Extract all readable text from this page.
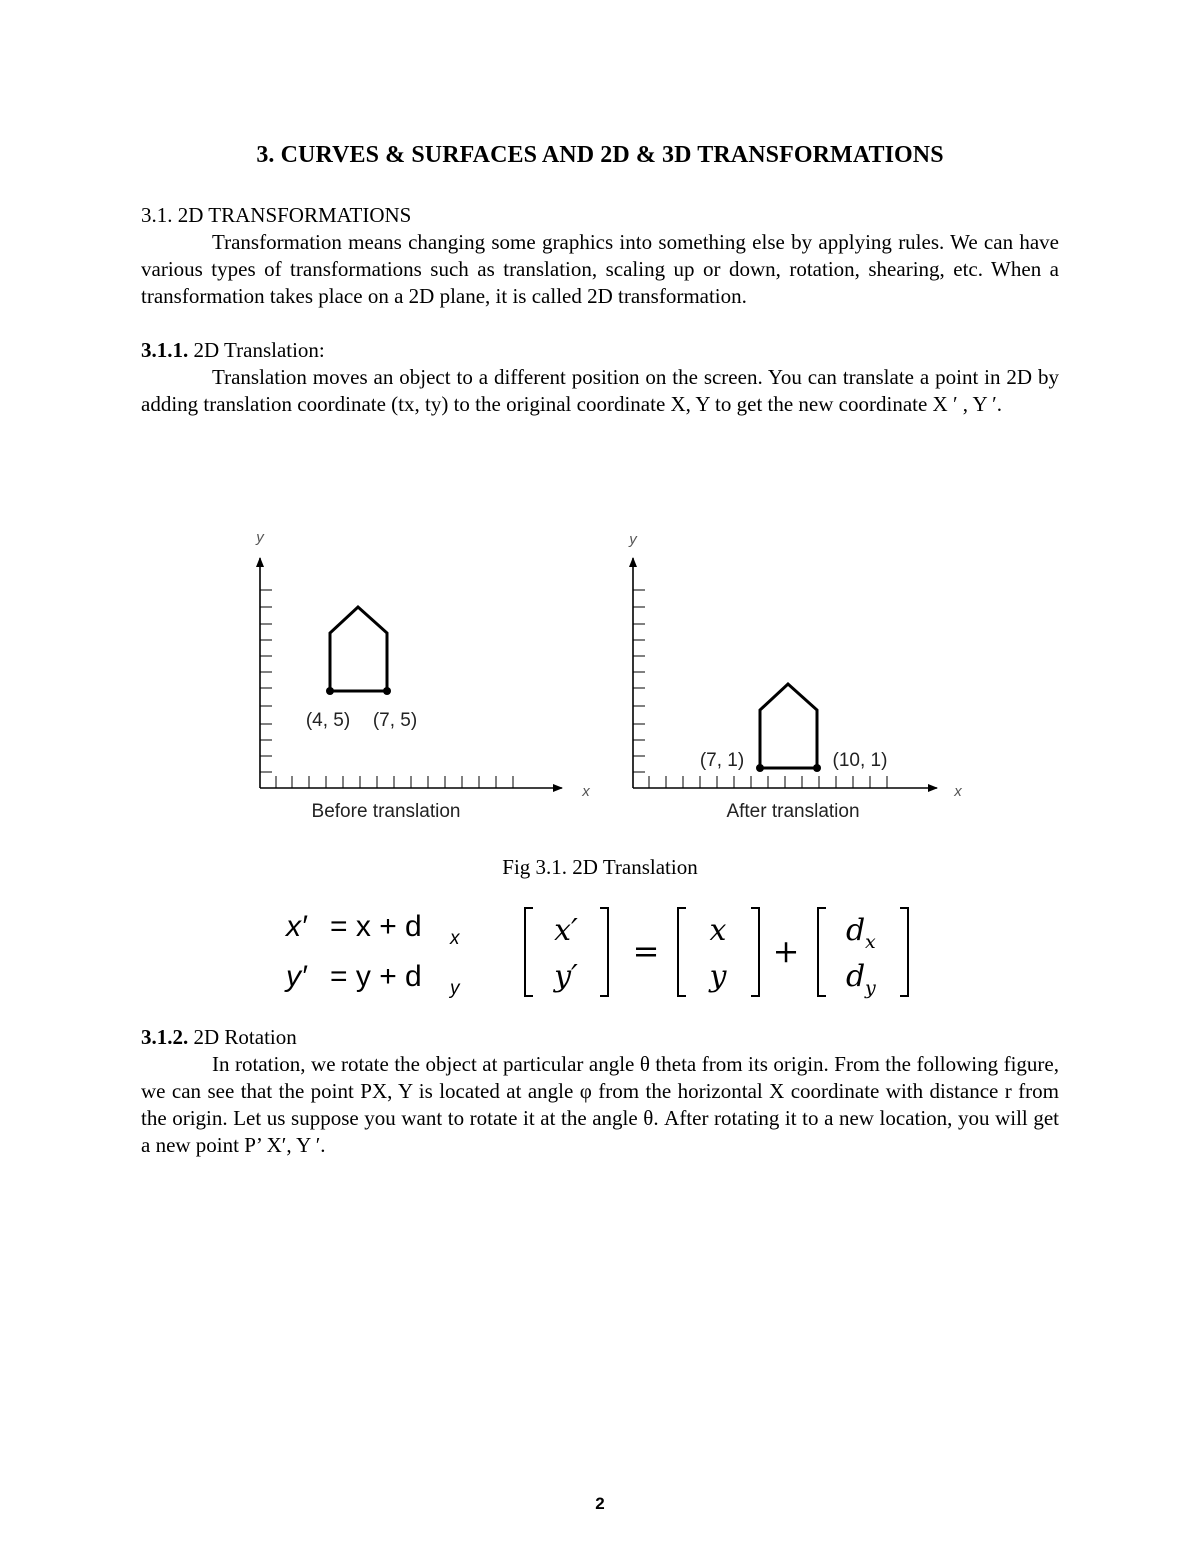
3. CURVES & SURFACES AND 2D & 3D TRANSFORMATIONS
3.1. 2D TRANSFORMATIONS
Transformation means changing some graphics into something else by applying rules. We can have various types of transformations such as translation, scaling up or down, rotation, shearing, etc. When a transformation takes place on a 2D plane, it is called 2D transformation.
3.1.1. 2D Translation:
Translation moves an object to a different position on the screen. You can translate a point in 2D by adding translation coordinate (tx, ty) to the original coordinate X, Y to get the new coordinate X ′ , Y ′.
y
x
(4, 5) (7, 5)
Before translation
y
x
(7, 1)	(10, 1)
After translation
Fig 3.1. 2D Translation
x′ = x + d x
y′ = y + d y
x′
y′
=
x
y
+
d x
d y
3.1.2. 2D Rotation
In rotation, we rotate the object at particular angle θ theta from its origin. From the following figure, we can see that the point PX, Y is located at angle φ from the horizontal X coordinate with distance r from the origin. Let us suppose you want to rotate it at the angle θ. After rotating it to a new location, you will get a new point P’ X′, Y ′.
2
